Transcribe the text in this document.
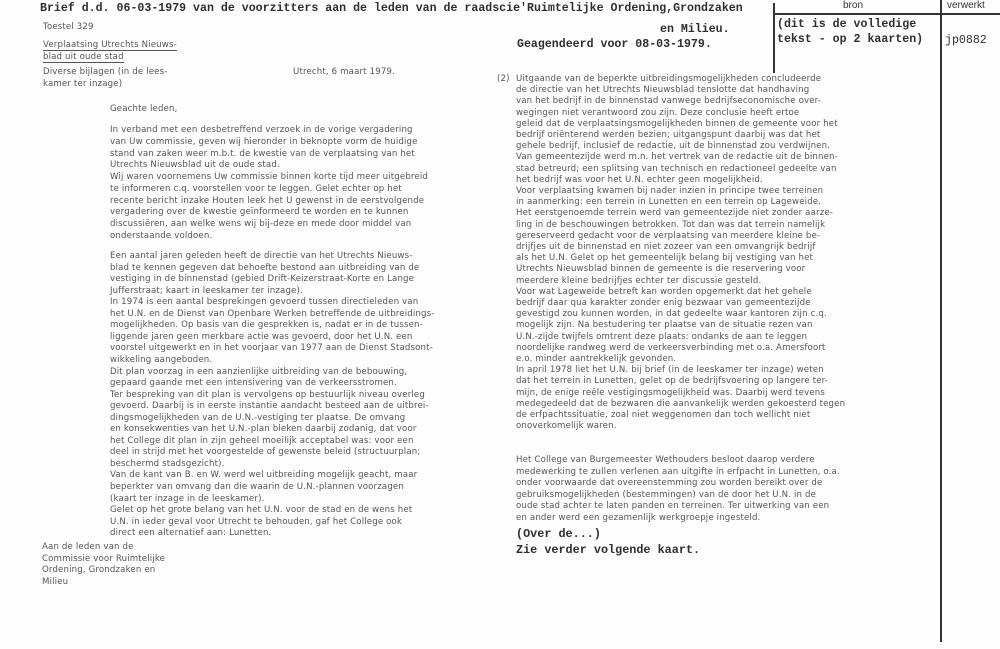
Brief d.d. 06-03-1979 van de voorzitters aan de leden van de raadscie'Ruimtelijke Ordening,Grondzaken
en Milieu.
Geagendeerd voor 08-03-1979.
bron	verwerkt
(dit is de volledige
tekst - op 2 kaarten) jp0882
Toestel 329
Verplaatsing Utrechts Nieuws-
blad uit oude stad
Diverse bijlagen (in de lees-
kamer ter inzage)
Utrecht, 6 maart 1979.
Geachte leden,
In verband met een desbetreffend verzoek in de vorige vergadering
van Uw commissie, geven wij hieronder in beknopte vorm de huidige
stand van zaken weer m.b.t. de kwestie van de verplaatsing van het
Utrechts Nieuwsblad uit de oude stad.
Wij waren voornemens Uw commissie binnen korte tijd meer uitgebreid
te informeren c.q. voorstellen voor te leggen. Gelet echter op het
recente bericht inzake Houten leek het U gewenst in de eerstvolgende
vergadering over de kwestie geïnformeerd te worden en te kunnen
discussiëren, aan welke wens wij bij-deze en mede door middel van
onderstaande voldoen.
Een aantal jaren geleden heeft de directie van het Utrechts Nieuws-
blad te kennen gegeven dat behoefte bestond aan uitbreiding van de
vestiging in de binnenstad (gebied Drift-Keizerstraat-Korte en Lange
Jufferstraat; kaart in leeskamer ter inzage).
In 1974 is een aantal besprekingen gevoerd tussen directieleden van
het U.N. en de Dienst van Openbare Werken betreffende de uitbreidings-
mogelijkheden. Op basis van die gesprekken is, nadat er in de tussen-
liggende jaren geen merkbare actie was gevoerd, door het U.N. een
voorstel uitgewerkt en in het voorjaar van 1977 aan de Dienst Stadsont-
wikkeling aangeboden.
Dit plan voorzag in een aanzienlijke uitbreiding van de bebouwing,
gepaard gaande met een intensivering van de verkeersstromen.
Ter bespreking van dit plan is vervolgens op bestuurlijk niveau overleg
gevoerd. Daarbij is in eerste instantie aandacht besteed aan de uitbrei-
dingsmogelijkheden van de U.N.-vestiging ter plaatse. De omvang
en konsekwenties van het U.N.-plan bleken daarbij zodanig, dat voor
het College dit plan in zijn geheel moeilijk acceptabel was: voor een
deel in strijd met het voorgestelde of gewenste beleid (structuurplan;
beschermd stadsgezicht).
Van de kant van B. en W. werd wel uitbreiding mogelijk geacht, maar
beperkter van omvang dan die waarin de U.N.-plannen voorzagen
(kaart ter inzage in de leeskamer).
Gelet op het grote belang van het U.N. voor de stad en de wens het
U.N. in ieder geval voor Utrecht te behouden, gaf het College ook
direct een alternatief aan: Lunetten.
Aan de leden van de
Commissie voor Ruimtelijke
Ordening, Grondzaken en
Milieu
(2) Uitgaande van de beperkte uitbreidingsmogelijkheden concludeerde
de directie van het Utrechts Nieuwsblad tenslotte dat handhaving
van het bedrijf in de binnenstad vanwege bedrijfseconomische over-
wegingen niet verantwoord zou zijn. Deze conclusie heeft ertoe
geleid dat de verplaatsingsmogelijkheden binnen de gemeente voor het
bedrijf oriënterend werden bezien; uitgangspunt daarbij was dat het
gehele bedrijf, inclusief de redactie, uit de binnenstad zou verdwijnen.
Van gemeentezijde werd m.n. het vertrek van de redactie uit de binnen-
stad betreurd; een splitsing van technisch en redactioneel gedeelte van
het bedrijf was voor het U.N. echter geen mogelijkheid.
Voor verplaatsing kwamen bij nader inzien in principe twee terreinen
in aanmerking: een terrein in Lunetten en een terrein op Lageweide.
Het eerstgenoemde terrein werd van gemeentezijde niet zonder aarze-
ling in de beschouwingen betrokken. Tot dan was dat terrein namelijk
gereserveerd gedacht voor de verplaatsing van meerdere kleine be-
drijfjes uit de binnenstad en niet zozeer van een omvangrijk bedrijf
als het U.N. Gelet op het gemeentelijk belang bij vestiging van het
Utrechts Nieuwsblad binnen de gemeente is die reservering voor
meerdere kleine bedrijfjes echter ter discussie gesteld.
Voor wat Lageweide betreft kan worden opgemerkt dat het gehele
bedrijf daar qua karakter zonder enig bezwaar van gemeentezijde
gevestigd zou kunnen worden, in dat gedeelte waar kantoren zijn c.q.
mogelijk zijn. Na bestudering ter plaatse van de situatie rezen van
U.N.-zijde twijfels omtrent deze plaats: ondanks de aan te leggen
noordelijke randweg werd de verkeersverbinding met o.a. Amersfoort
e.o. minder aantrekkelijk gevonden.
In april 1978 liet het U.N. bij brief (in de leeskamer ter inzage) weten
dat het terrein in Lunetten, gelet op de bedrijfsvoering op langere ter-
mijn, de enige reële vestigingsmogelijkheid was. Daarbij werd tevens
medegedeeld dat de bezwaren die aanvankelijk werden gekoesterd tegen
de erfpachtssituatie, zoal niet weggenomen dan toch wellicht niet
onoverkomelijk waren.
Het College van Burgemeester Wethouders besloot daarop verdere
medewerking te zullen verlenen aan uitgifte in erfpacht in Lunetten, o.a.
onder voorwaarde dat overeenstemming zou worden bereikt over de
gebruiksmogelijkheden (bestemmingen) van de door het U.N. in de
oude stad achter te laten panden en terreinen. Ter uitwerking van een
en ander werd een gezamenlijk werkgroepje ingesteld.
(Over de...)
Zie verder volgende kaart.
